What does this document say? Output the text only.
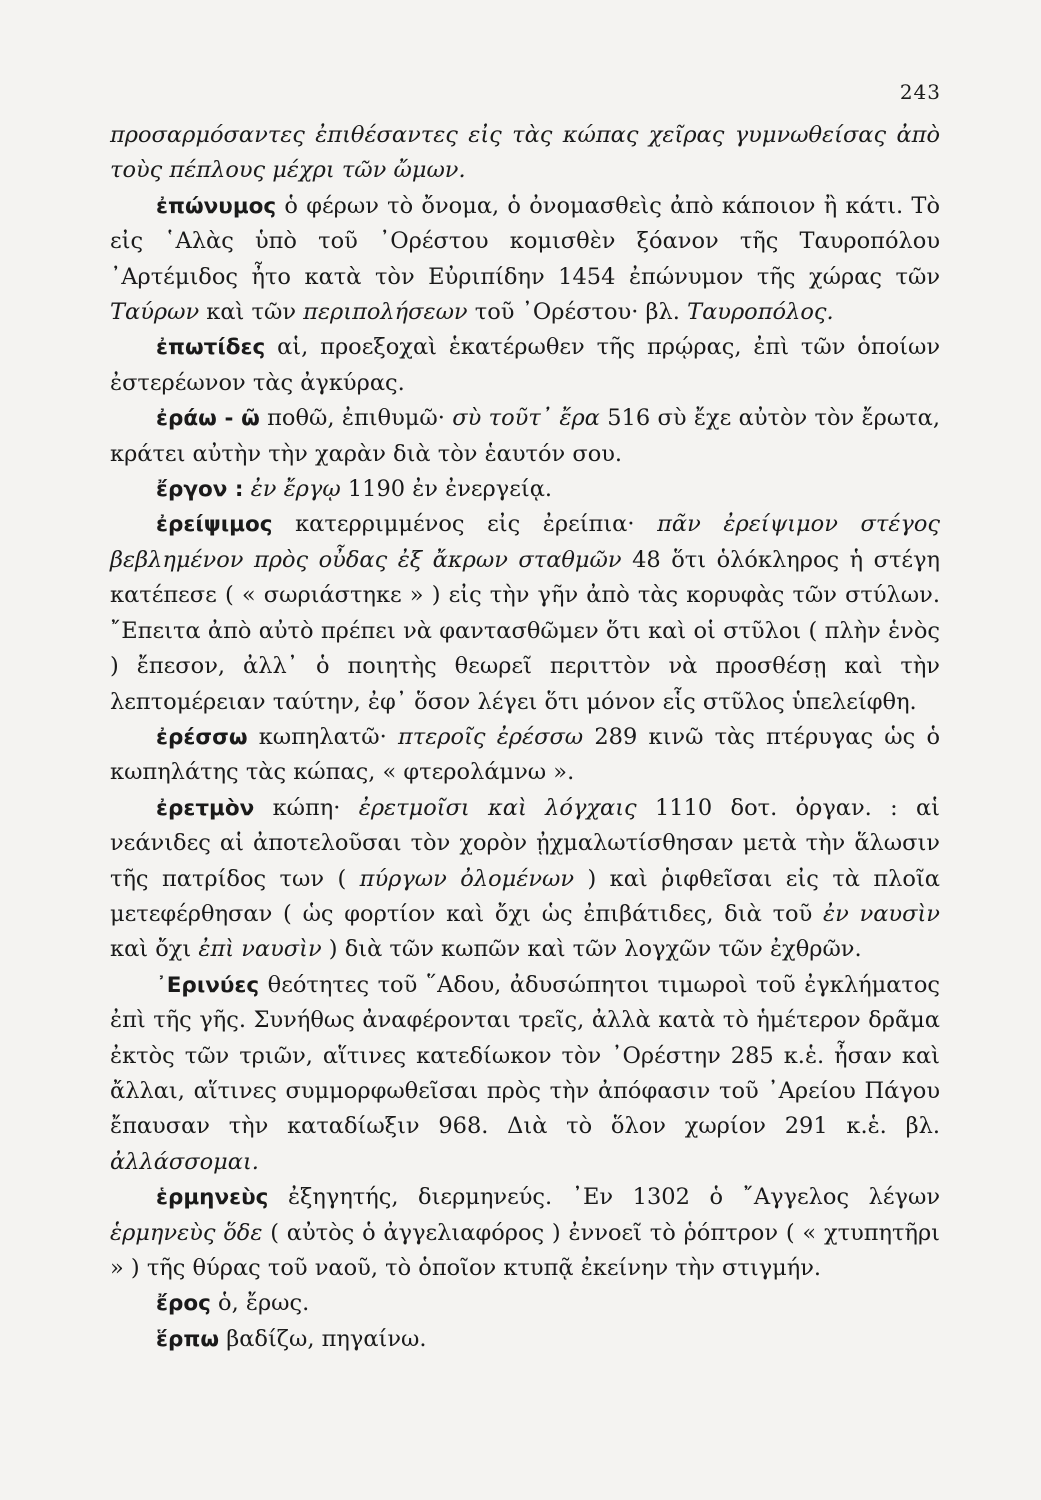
243

προσαρμόσαντες ἐπιθέσαντες εἰς τὰς κώπας χεῖρας γυμνωθείσας ἀπὸ τοὺς πέπλους μέχρι τῶν ὤμων.

ἐπώνυμος ὁ φέρων τὸ ὄνομα, ὁ ὀνομασθεὶς ἀπὸ κάποιον ἢ κάτι. Τὸ εἰς ῾Αλὰς ὑπὸ τοῦ ᾿Ορέστου κομισθὲν ξόανον τῆς Ταυροπόλου ᾿Αρτέμιδος ἦτο κατὰ τὸν Εὐριπίδην 1454 ἐπώνυμον τῆς χώρας τῶν Ταύρων καὶ τῶν περιπολήσεων τοῦ ᾿Ορέστου· βλ. Ταυροπόλος.

ἐπωτίδες αἱ, προεξοχαὶ ἑκατέρωθεν τῆς πρῴρας, ἐπὶ τῶν ὁποίων ἐστερέωνον τὰς ἀγκύρας.

ἐράω - ῶ ποθῶ, ἐπιθυμῶ· σὺ τοῦτ᾿ ἔρα 516 σὺ ἔχε αὐτὸν τὸν ἔρωτα, κράτει αὐτὴν τὴν χαρὰν διὰ τὸν ἑαυτόν σου.

ἔργον : ἐν ἔργῳ 1190 ἐν ἐνεργείᾳ.

ἐρείψιμος κατερριμμένος εἰς ἐρείπια· πᾶν ἐρείψιμον στέγος βεβλημένον πρὸς οὖδας ἐξ ἄκρων σταθμῶν 48 ὅτι ὁλόκληρος ἡ στέγη κατέπεσε ( « σωριάστηκε » ) εἰς τὴν γῆν ἀπὸ τὰς κορυφὰς τῶν στύλων. ῎Επειτα ἀπὸ αὐτὸ πρέπει νὰ φαντασθῶμεν ὅτι καὶ οἱ στῦλοι ( πλὴν ἑνὸς ) ἔπεσον, ἀλλ᾿ ὁ ποιητὴς θεωρεῖ περιττὸν νὰ προσθέσῃ καὶ τὴν λεπτομέρειαν ταύτην, ἐφ᾿ ὅσον λέγει ὅτι μόνον εἷς στῦλος ὑπελείφθη.

ἐρέσσω κωπηλατῶ· πτεροῖς ἐρέσσω 289 κινῶ τὰς πτέρυγας ὡς ὁ κωπηλάτης τὰς κώπας, « φτερολάμνω ».

ἐρετμὸν κώπη· ἐρετμοῖσι καὶ λόγχαις 1110 δοτ. ὀργαν. : αἱ νεάνιδες αἱ ἀποτελοῦσαι τὸν χορὸν ᾐχμαλωτίσθησαν μετὰ τὴν ἅλωσιν τῆς πατρίδος των ( πύργων ὀλομένων ) καὶ ῥιφθεῖσαι εἰς τὰ πλοῖα μετεφέρθησαν ( ὡς φορτίον καὶ ὄχι ὡς ἐπιβάτιδες, διὰ τοῦ ἐν ναυσὶν καὶ ὄχι ἐπὶ ναυσὶν ) διὰ τῶν κωπῶν καὶ τῶν λογχῶν τῶν ἐχθρῶν.

᾿Ερινύες θεότητες τοῦ ῞Αδου, ἀδυσώπητοι τιμωροὶ τοῦ ἐγκλήματος ἐπὶ τῆς γῆς. Συνήθως ἀναφέρονται τρεῖς, ἀλλὰ κατὰ τὸ ἡμέτερον δρᾶμα ἐκτὸς τῶν τριῶν, αἵτινες κατεδίωκον τὸν ᾿Ορέστην 285 κ.ἑ. ἦσαν καὶ ἄλλαι, αἵτινες συμμορφωθεῖσαι πρὸς τὴν ἀπόφασιν τοῦ ᾿Αρείου Πάγου ἔπαυσαν τὴν καταδίωξιν 968. Διὰ τὸ ὅλον χωρίον 291 κ.ἑ. βλ. ἀλλάσσομαι.

ἑρμηνεὺς ἐξηγητής, διερμηνεύς. ᾿Εν 1302 ὁ ῎Αγγελος λέγων ἑρμηνεὺς ὅδε ( αὐτὸς ὁ ἀγγελιαφόρος ) ἐννοεῖ τὸ ῥόπτρον ( « χτυπητῆρι » ) τῆς θύρας τοῦ ναοῦ, τὸ ὁποῖον κτυπᾷ ἐκείνην τὴν στιγμήν.

ἔρος ὁ, ἔρως.

ἕρπω βαδίζω, πηγαίνω.
